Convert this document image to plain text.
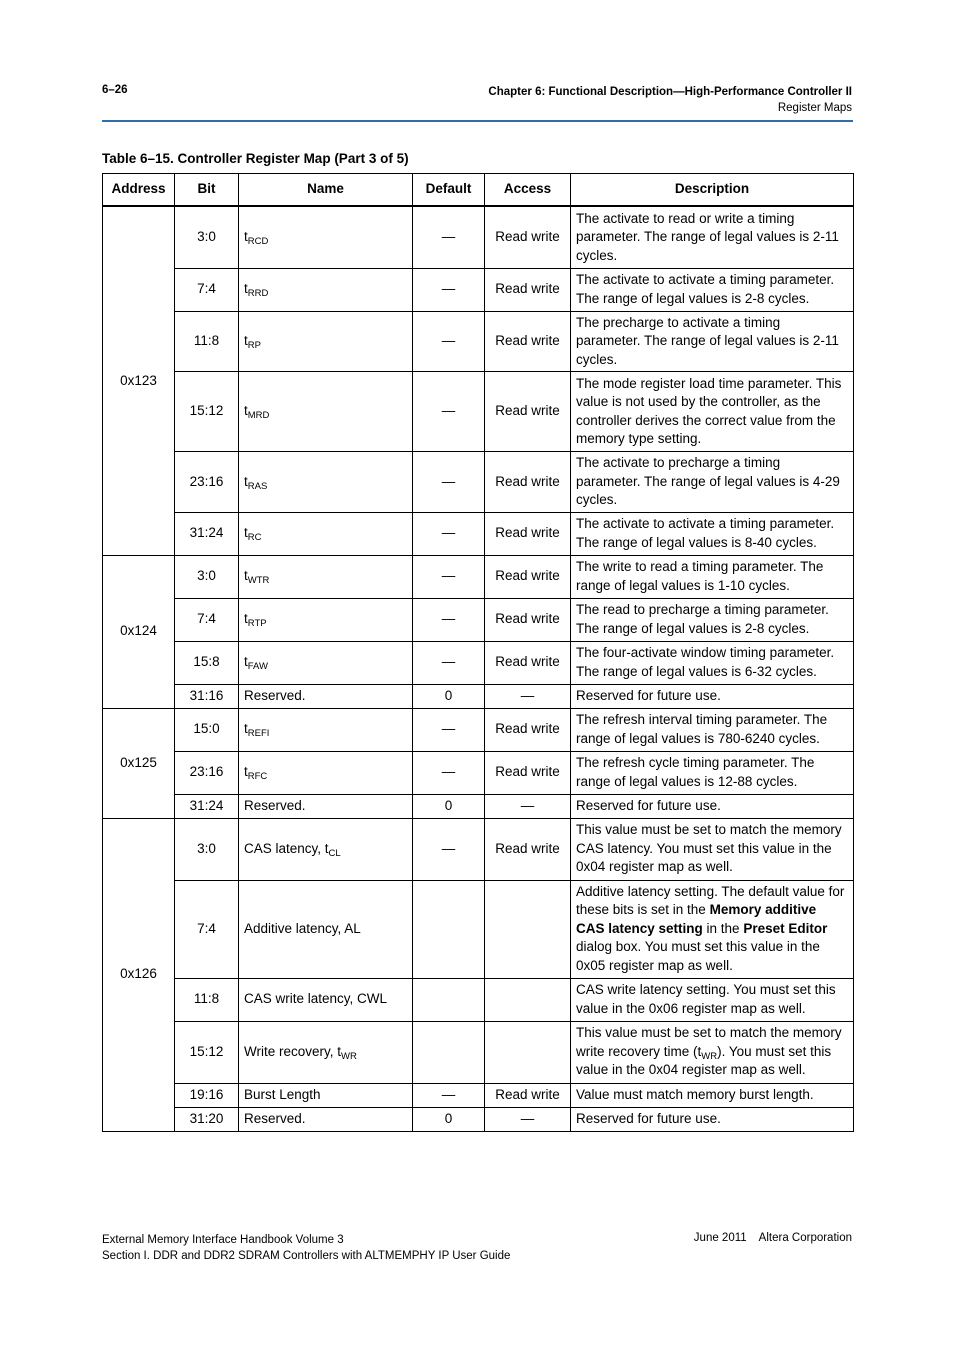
6–26	Chapter 6: Functional Description—High-Performance Controller II
Register Maps
Table 6–15. Controller Register Map (Part 3 of 5)
Address	Bit	Name	Default	Access	Description
0x123	3:0	$t_{RCD}$	—	Read write	The activate to read or write a timing parameter. The range of legal values is 2-11 cycles.
	7:4	$t_{RRD}$	—	Read write	The activate to activate a timing parameter. The range of legal values is 2-8 cycles.
	11:8	$t_{RP}$	—	Read write	The precharge to activate a timing parameter. The range of legal values is 2-11 cycles.
	15:12	$t_{MRD}$	—	Read write	The mode register load time parameter. This value is not used by the controller, as the controller derives the correct value from the memory type setting.
	23:16	$t_{RAS}$	—	Read write	The activate to precharge a timing parameter. The range of legal values is 4-29 cycles.
	31:24	$t_{RC}$	—	Read write	The activate to activate a timing parameter. The range of legal values is 8-40 cycles.
0x124	3:0	$t_{WTR}$	—	Read write	The write to read a timing parameter. The range of legal values is 1-10 cycles.
	7:4	$t_{RTP}$	—	Read write	The read to precharge a timing parameter. The range of legal values is 2-8 cycles.
	15:8	$t_{FAW}$	—	Read write	The four-activate window timing parameter. The range of legal values is 6-32 cycles.
	31:16	Reserved.	0	—	Reserved for future use.
0x125	15:0	$t_{REFI}$	—	Read write	The refresh interval timing parameter. The range of legal values is 780-6240 cycles.
	23:16	$t_{RFC}$	—	Read write	The refresh cycle timing parameter. The range of legal values is 12-88 cycles.
	31:24	Reserved.	0	—	Reserved for future use.
0x126	3:0	CAS latency, $t_{CL}$	—	Read write	This value must be set to match the memory CAS latency. You must set this value in the 0x04 register map as well.
	7:4	Additive latency, AL			Additive latency setting. The default value for these bits is set in the Memory additive CAS latency setting in the Preset Editor dialog box. You must set this value in the 0x05 register map as well.
	11:8	CAS write latency, CWL			CAS write latency setting. You must set this value in the 0x06 register map as well.
	15:12	Write recovery, $t_{WR}$			This value must be set to match the memory write recovery time $(t_{WR})$. You must set this value in the 0x04 register map as well.
	19:16	Burst Length	—	Read write	Value must match memory burst length.
	31:20	Reserved.	0	—	Reserved for future use.
External Memory Interface Handbook Volume 3
Section I. DDR and DDR2 SDRAM Controllers with ALTMEMPHY IP User Guide
June 2011 Altera Corporation
